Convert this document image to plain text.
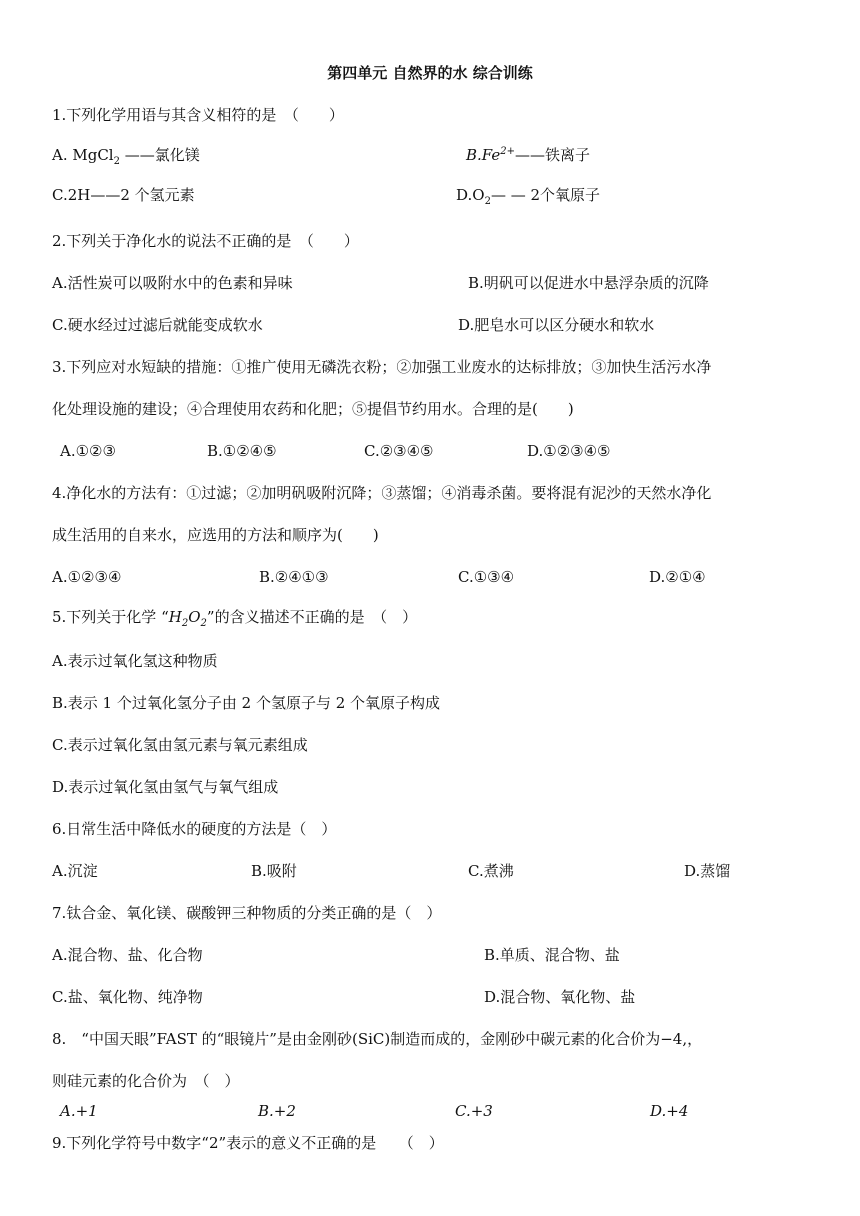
第四单元 自然界的水 综合训练
1.下列化学用语与其含义相符的是　（　　）
A. MgCl$_2$ ——氯化镁	$B.Fe^{2+}——$铁离子
C.2H——2 个氢元素	$D.O_2—$ — 2个氧原子
2.下列关于净化水的说法不正确的是　（　　）
A.活性炭可以吸附水中的色素和异味	B.明矾可以促进水中悬浮杂质的沉降
C.硬水经过过滤后就能变成软水	D.肥皂水可以区分硬水和软水
3.下列应对水短缺的措施：①推广使用无磷洗衣粉；②加强工业废水的达标排放；③加快生活污水净
化处理设施的建设；④合理使用农药和化肥；⑤提倡节约用水。合理的是(　　)
A.①②③	B.①②④⑤	C.②③④⑤	D.①②③④⑤
4.净化水的方法有：①过滤；②加明矾吸附沉降；③蒸馏；④消毒杀菌。要将混有泥沙的天然水净化
成生活用的自来水，应选用的方法和顺序为(　　)
A.①②③④	B.②④①③	C.①③④	D.②①④
5.下列关于化学 “$H_2O_2$”的含义描述不正确的是　（　）
A.表示过氧化氢这种物质
B.表示 1 个过氧化氢分子由 2 个氢原子与 2 个氧原子构成
C.表示过氧化氢由氢元素与氧元素组成
D.表示过氧化氢由氢气与氧气组成
6.日常生活中降低水的硬度的方法是（　）
A.沉淀	B.吸附	C.煮沸	D.蒸馏
7.钛合金、氧化镁、碳酸钾三种物质的分类正确的是（　）
A.混合物、盐、化合物	B.单质、混合物、盐
C.盐、氧化物、纯净物	D.混合物、氧化物、盐
8.　“中国天眼”FAST 的“眼镜片”是由金刚砂(SiC)制造而成的，金刚砂中碳元素的化合价为−4,，
则硅元素的化合价为　（　）
A.+1	B.+2	C.+3	D.+4
9.下列化学符号中数字“2”表示的意义不正确的是　　（　）
